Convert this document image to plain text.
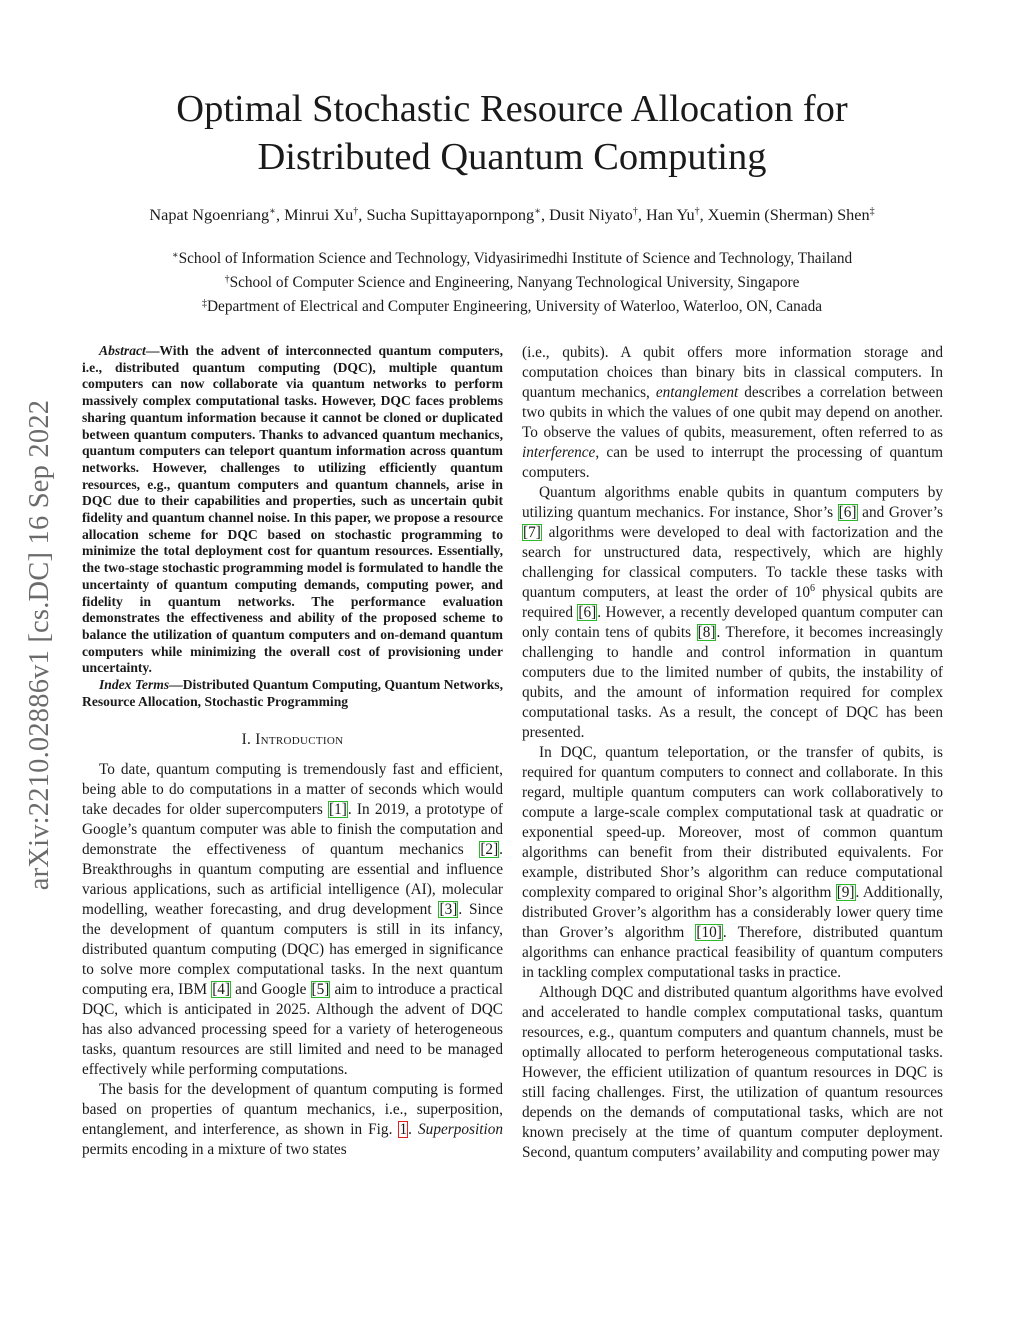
arXiv:2210.02886v1 [cs.DC] 16 Sep 2022
Optimal Stochastic Resource Allocation for
Distributed Quantum Computing
Napat Ngoenriang∗, Minrui Xu†, Sucha Supittayapornpong∗, Dusit Niyato†, Han Yu†, Xuemin (Sherman) Shen‡
∗School of Information Science and Technology, Vidyasirimedhi Institute of Science and Technology, Thailand
†School of Computer Science and Engineering, Nanyang Technological University, Singapore
‡Department of Electrical and Computer Engineering, University of Waterloo, Waterloo, ON, Canada

Abstract—With the advent of interconnected quantum computers, i.e., distributed quantum computing (DQC), multiple quantum computers can now collaborate via quantum networks to perform massively complex computational tasks. However, DQC faces problems sharing quantum information because it cannot be cloned or duplicated between quantum computers. Thanks to advanced quantum mechanics, quantum computers can teleport quantum information across quantum networks. However, challenges to utilizing efficiently quantum resources, e.g., quantum computers and quantum channels, arise in DQC due to their capabilities and properties, such as uncertain qubit fidelity and quantum channel noise. In this paper, we propose a resource allocation scheme for DQC based on stochastic programming to minimize the total deployment cost for quantum resources. Essentially, the two-stage stochastic programming model is formulated to handle the uncertainty of quantum computing demands, computing power, and fidelity in quantum networks. The performance evaluation demonstrates the effectiveness and ability of the proposed scheme to balance the utilization of quantum computers and on-demand quantum computers while minimizing the overall cost of provisioning under uncertainty.

Index Terms—Distributed Quantum Computing, Quantum Networks, Resource Allocation, Stochastic Programming

I. Introduction

To date, quantum computing is tremendously fast and efficient, being able to do computations in a matter of seconds which would take decades for older supercomputers [1]. In 2019, a prototype of Google’s quantum computer was able to finish the computation and demonstrate the effectiveness of quantum mechanics [2]. Breakthroughs in quantum computing are essential and influence various applications, such as artificial intelligence (AI), molecular modelling, weather forecasting, and drug development [3]. Since the development of quantum computers is still in its infancy, distributed quantum computing (DQC) has emerged in significance to solve more complex computational tasks. In the next quantum computing era, IBM [4] and Google [5] aim to introduce a practical DQC, which is anticipated in 2025. Although the advent of DQC has also advanced processing speed for a variety of heterogeneous tasks, quantum resources are still limited and need to be managed effectively while performing computations.

The basis for the development of quantum computing is formed based on properties of quantum mechanics, i.e., superposition, entanglement, and interference, as shown in Fig. 1. Superposition permits encoding in a mixture of two states

(i.e., qubits). A qubit offers more information storage and computation choices than binary bits in classical computers. In quantum mechanics, entanglement describes a correlation between two qubits in which the values of one qubit may depend on another. To observe the values of qubits, measurement, often referred to as interference, can be used to interrupt the processing of quantum computers.

Quantum algorithms enable qubits in quantum computers by utilizing quantum mechanics. For instance, Shor’s [6] and Grover’s [7] algorithms were developed to deal with factorization and the search for unstructured data, respectively, which are highly challenging for classical computers. To tackle these tasks with quantum computers, at least the order of $10^6$ physical qubits are required [6]. However, a recently developed quantum computer can only contain tens of qubits [8]. Therefore, it becomes increasingly challenging to handle and control information in quantum computers due to the limited number of qubits, the instability of qubits, and the amount of information required for complex computational tasks. As a result, the concept of DQC has been presented.

In DQC, quantum teleportation, or the transfer of qubits, is required for quantum computers to connect and collaborate. In this regard, multiple quantum computers can work collaboratively to compute a large-scale complex computational task at quadratic or exponential speed-up. Moreover, most of common quantum algorithms can benefit from their distributed equivalents. For example, distributed Shor’s algorithm can reduce computational complexity compared to original Shor’s algorithm [9]. Additionally, distributed Grover’s algorithm has a considerably lower query time than Grover’s algorithm [10]. Therefore, distributed quantum algorithms can enhance practical feasibility of quantum computers in tackling complex computational tasks in practice.

Although DQC and distributed quantum algorithms have evolved and accelerated to handle complex computational tasks, quantum resources, e.g., quantum computers and quantum channels, must be optimally allocated to perform heterogeneous computational tasks. However, the efficient utilization of quantum resources in DQC is still facing challenges. First, the utilization of quantum resources depends on the demands of computational tasks, which are not known precisely at the time of quantum computer deployment. Second, quantum computers’ availability and computing power may
